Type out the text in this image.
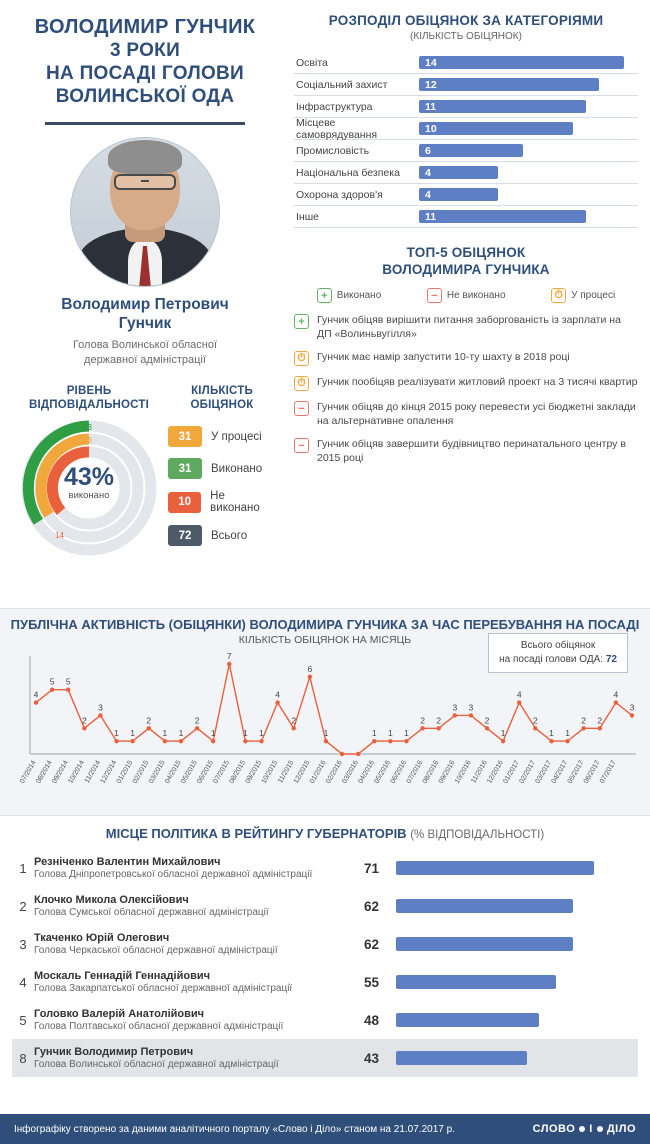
ВОЛОДИМИР ГУНЧИК
3 РОКИ
НА ПОСАДІ ГОЛОВИ
ВОЛИНСЬКОЇ ОДА
Володимир Петрович
Гунчик
Голова Волинської обласної
державної адміністрації
РІВЕНЬ
ВІДПОВІДАЛЬНОСТІ
43
43
14
43%
виконано
КІЛЬКІСТЬ
ОБІЦЯНОК
31	У процесі
31	Виконано
10	Не виконано
72	Всього
РОЗПОДІЛ ОБІЦЯНОК ЗА КАТЕГОРІЯМИ
(КІЛЬКІСТЬ ОБІЦЯНОК)
Освіта	14
Соціальний захист	12
Інфраструктура	11
Місцеве самоврядування	10
Промисловість	6
Національна безпека	4
Охорона здоров'я	4
Інше	11
ТОП-5 ОБІЦЯНОК
ВОЛОДИМИРА ГУНЧИКА
+ Виконано	− Не виконано	⏱ У процесі
+	Гунчик обіцяв вирішити питання заборгованість із зарплати на ДП «Волиньвугілля»
⏱	Гунчик має намір запустити 10-ту шахту в 2018 році
⏱	Гунчик пообіцяв реалізувати житловий проект на 3 тисячі квартир
−	Гунчик обіцяв до кінця 2015 року перевести усі бюджетні заклади на альтернативне опалення
−	Гунчик обіцяв завершити будівництво перинатального центру в 2015 році
ПУБЛІЧНА АКТИВНІСТЬ (ОБІЦЯНКИ) ВОЛОДИМИРА ГУНЧИКА ЗА ЧАС ПЕРЕБУВАННЯ НА ПОСАДІ
КІЛЬКІСТЬ ОБІЦЯНОК НА МІСЯЦЬ	Всього обіцянок
на посаді голови ОДА: 72
4
5 5
2
3
1 1
2
1 1
2
1
7
1 1
4
2
6
1	1 1 1
2 2
3 3
2
1
4
2
1 1
2 2
4
3
07/2014
08/2014
09/2014
10/2014
11/2014
12/2014
01/2015
02/2015
03/2015
04/2015
05/2015
06/2015
07/2015
08/2015
09/2015
10/2015
11/2015
12/2015
01/2016
02/2016
03/2016
04/2016
05/2016
06/2016
07/2016
08/2016
09/2016
10/2016
11/2016
12/2016
01/2017
02/2017
03/2017
04/2017
05/2017
06/2017
07/2017
МІСЦЕ ПОЛІТИКА В РЕЙТИНГУ ГУБЕРНАТОРІВ (% ВІДПОВІДАЛЬНОСТІ)
1 Резніченко Валентин Михайлович
Голова Дніпропетровської обласної державної адміністрації	71
2 Клочко Микола Олексійович
Голова Сумської обласної державної адміністрації	62
3 Ткаченко Юрій Олегович
Голова Черкаської обласної державної адміністрації	62
4 Москаль Геннадій Геннадійович
Голова Закарпатської обласної державної адміністрації	55
5 Головко Валерій Анатолійович
Голова Полтавської обласної державної адміністрації	48
8 Гунчик Володимир Петрович
Голова Волинської обласної державної адміністрації	43
Інфографіку створено за даними аналітичного порталу «Слово і Діло» станом на 21.07.2017 р.	СЛОВО І ДІЛО
